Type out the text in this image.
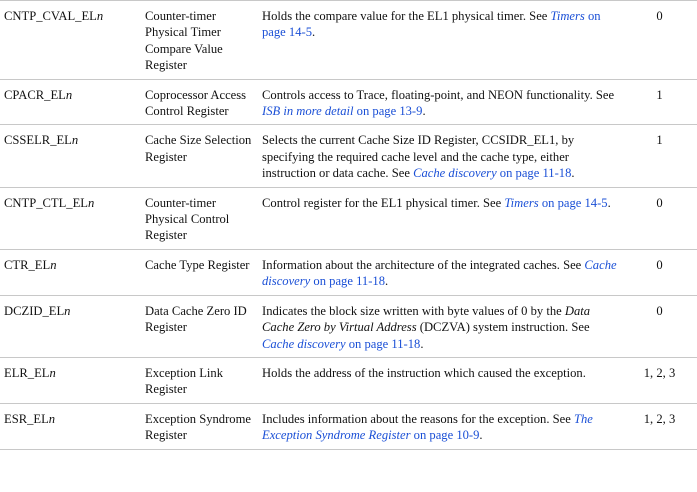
CNTP_CVAL_ELn	Counter-timer Physical Timer Compare Value Register	Holds the compare value for the EL1 physical timer. See Timers on page 14-5.	0
CPACR_ELn	Coprocessor Access Control Register	Controls access to Trace, floating-point, and NEON functionality. See ISB in more detail on page 13-9.	1
CSSELR_ELn	Cache Size Selection Register	Selects the current Cache Size ID Register, CCSIDR_EL1, by specifying the required cache level and the cache type, either instruction or data cache. See Cache discovery on page 11-18.	1
CNTP_CTL_ELn	Counter-timer Physical Control Register	Control register for the EL1 physical timer. See Timers on page 14-5.	0
CTR_ELn	Cache Type Register	Information about the architecture of the integrated caches. See Cache discovery on page 11-18.	0
DCZID_ELn	Data Cache Zero ID Register	Indicates the block size written with byte values of 0 by the Data Cache Zero by Virtual Address (DCZVA) system instruction. See Cache discovery on page 11-18.	0
ELR_ELn	Exception Link Register	Holds the address of the instruction which caused the exception.	1, 2, 3
ESR_ELn	Exception Syndrome Register	Includes information about the reasons for the exception. See The Exception Syndrome Register on page 10-9.	1, 2, 3
